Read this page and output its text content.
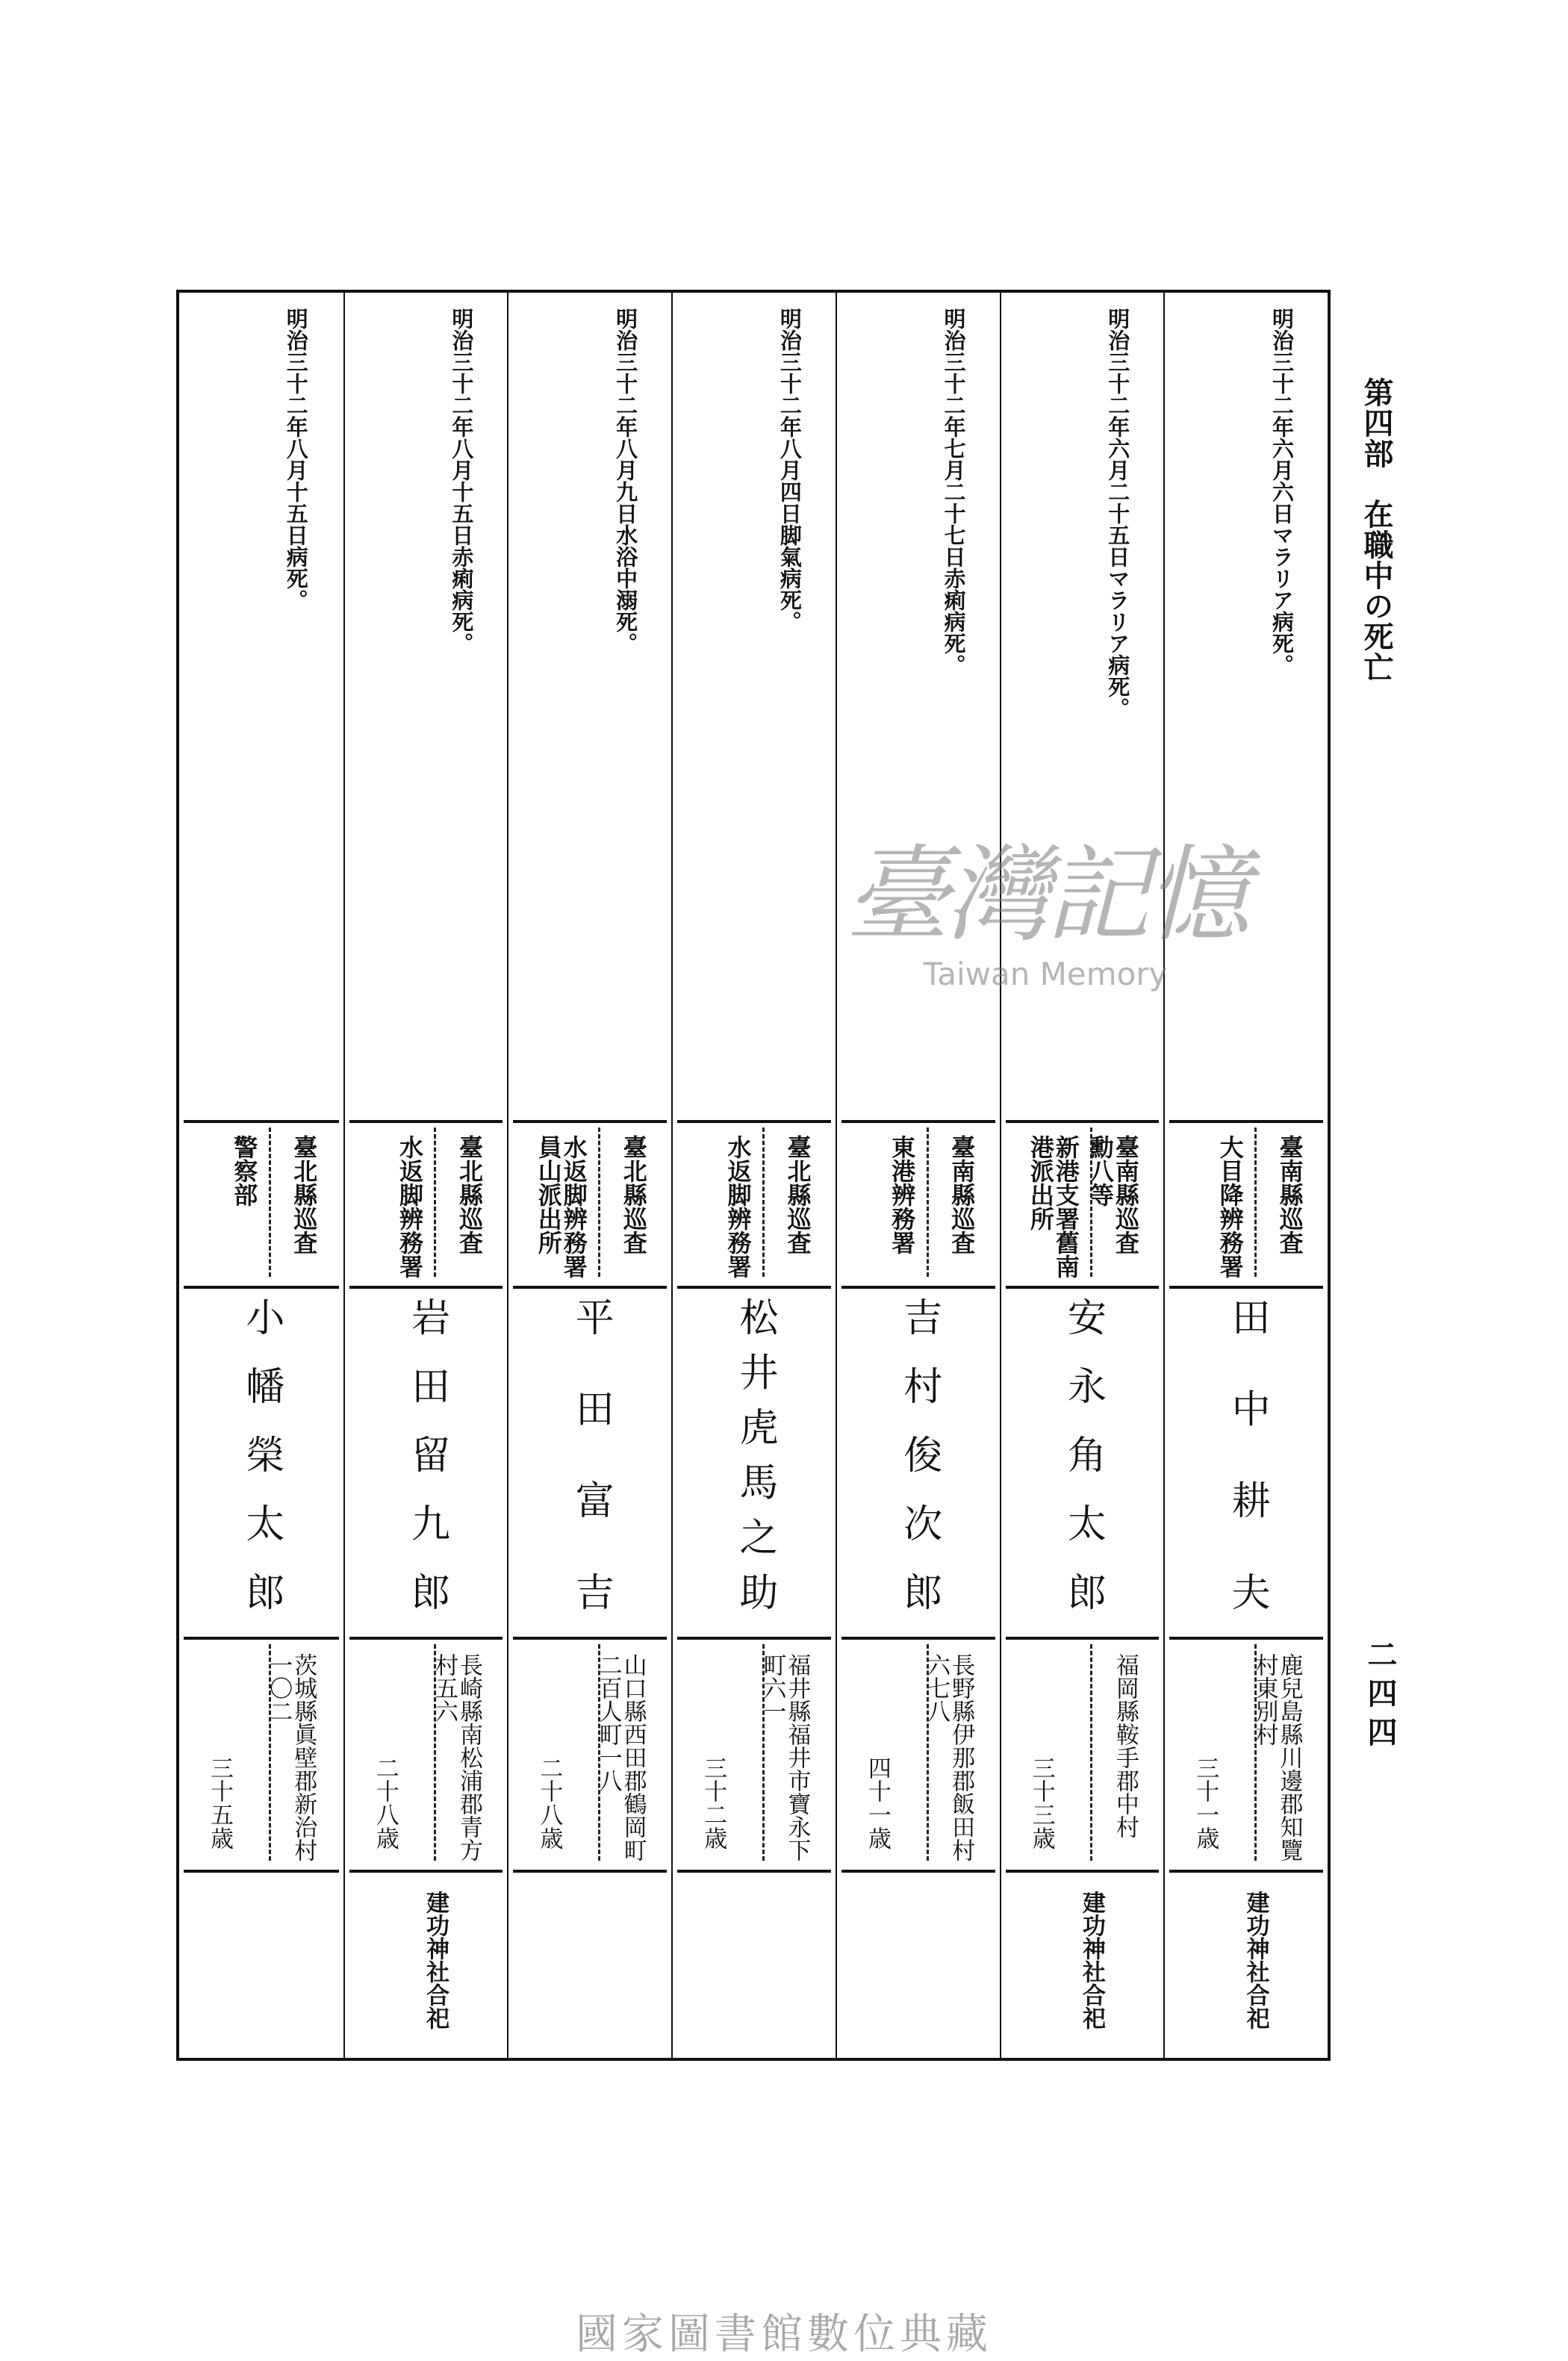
第四部在職中の死亡
二四四
明治三十二年六月六日マラリア病死。
臺南縣巡査
大目降辨務署
田中耕夫
鹿兒島縣川邊郡知覽
村東別村
三十一歳
建功神社合祀
明治三十二年六月二十五日マラリア病死。
臺南縣巡査
勳八等
新港支署舊南
港派出所
安永角太郎
福岡縣鞍手郡中村
三十三歳
建功神社合祀
明治三十二年七月二十七日赤痢病死。
臺南縣巡査
東港辨務署
吉村俊次郎
長野縣伊那郡飯田村
六七八
四十一歳
明治三十二年八月四日脚氣病死。
臺北縣巡査
水返脚辨務署
松井虎馬之助
福井縣福井市寶永下
町六一
三十二歳
明治三十二年八月九日水浴中溺死。
臺北縣巡査
水返脚辨務署
員山派出所
平田富吉
山口縣西田郡鶴岡町
二百人町一八
二十八歳
明治三十二年八月十五日赤痢病死。
臺北縣巡査
水返脚辨務署
岩田留九郎
長崎縣南松浦郡青方
村五六
二十八歳
建功神社合祀
明治三十二年八月十五日病死。
臺北縣巡査
警察部
小幡榮太郎
茨城縣眞壁郡新治村
一〇二
三十五歳
臺灣記憶
Taiwan Memory
國家圖書館數位典藏
